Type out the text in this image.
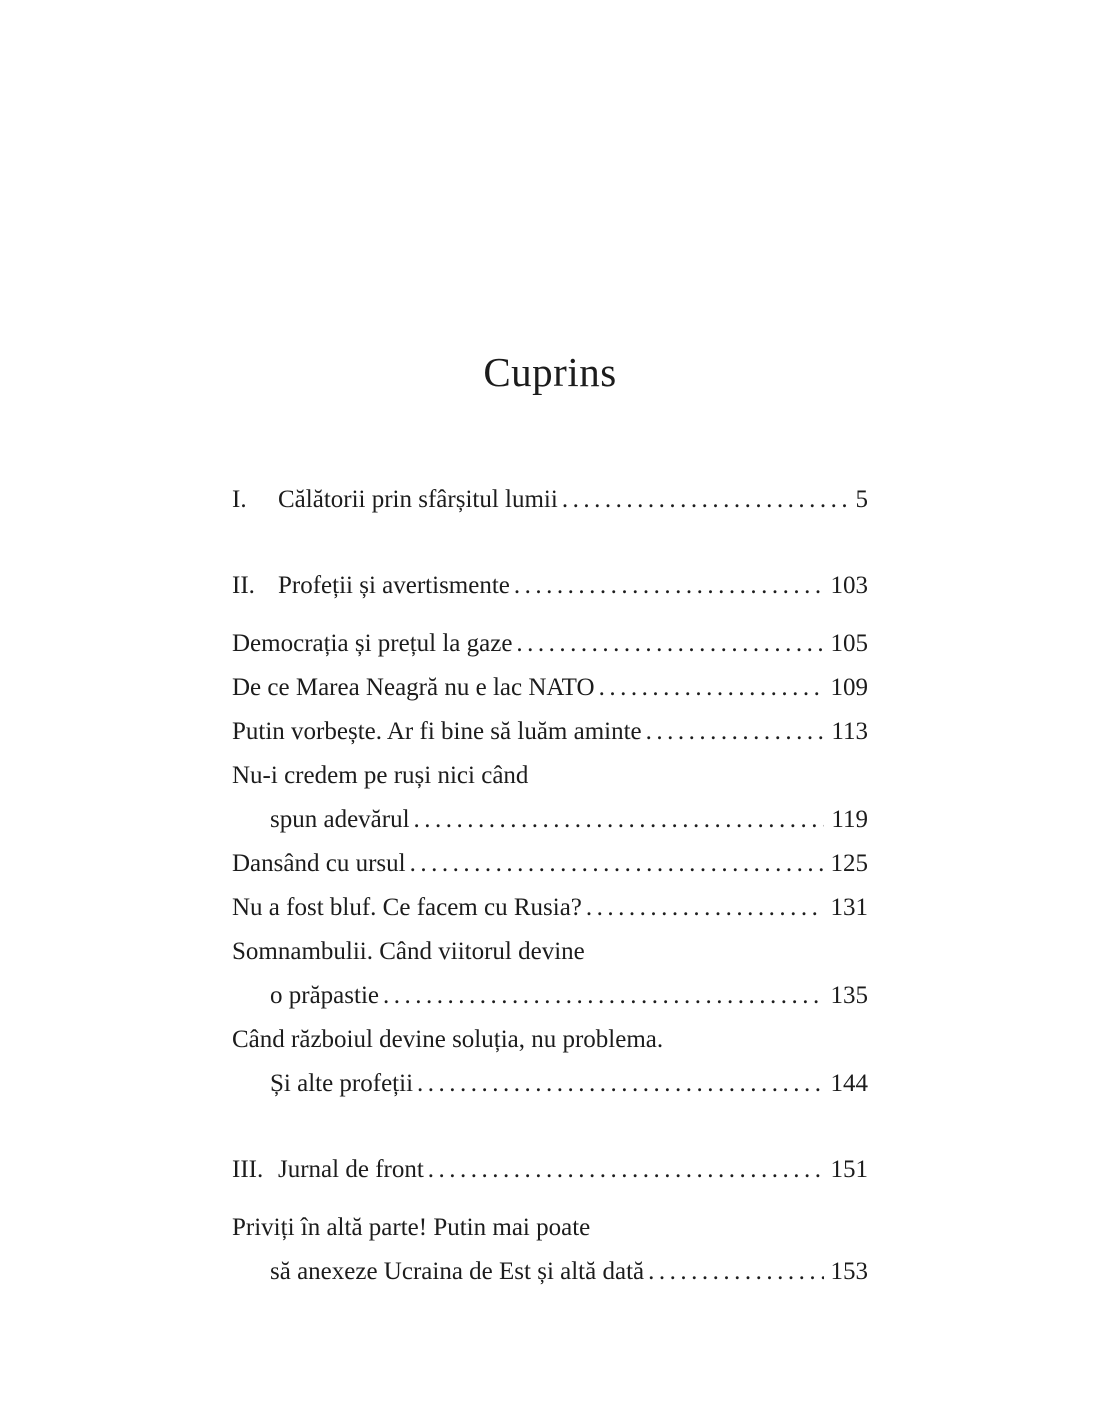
Cuprins
I.	Călătorii prin sfârșitul lumii .....	5
II. Profeții și avertismente .....	103
Democrația și prețul la gaze .....	105
De ce Marea Neagră nu e lac NATO .....	109
Putin vorbește. Ar fi bine să luăm aminte .....	113
Nu-i credem pe ruși nici când
spun adevărul .....	119
Dansând cu ursul .....	125
Nu a fost bluf. Ce facem cu Rusia? .....	131
Somnambulii. Când viitorul devine
o prăpastie .....	135
Când războiul devine soluția, nu problema.
Și alte profeții .....	144
III. Jurnal de front .....	151
Priviți în altă parte! Putin mai poate
să anexeze Ucraina de Est și altă dată .....	153
